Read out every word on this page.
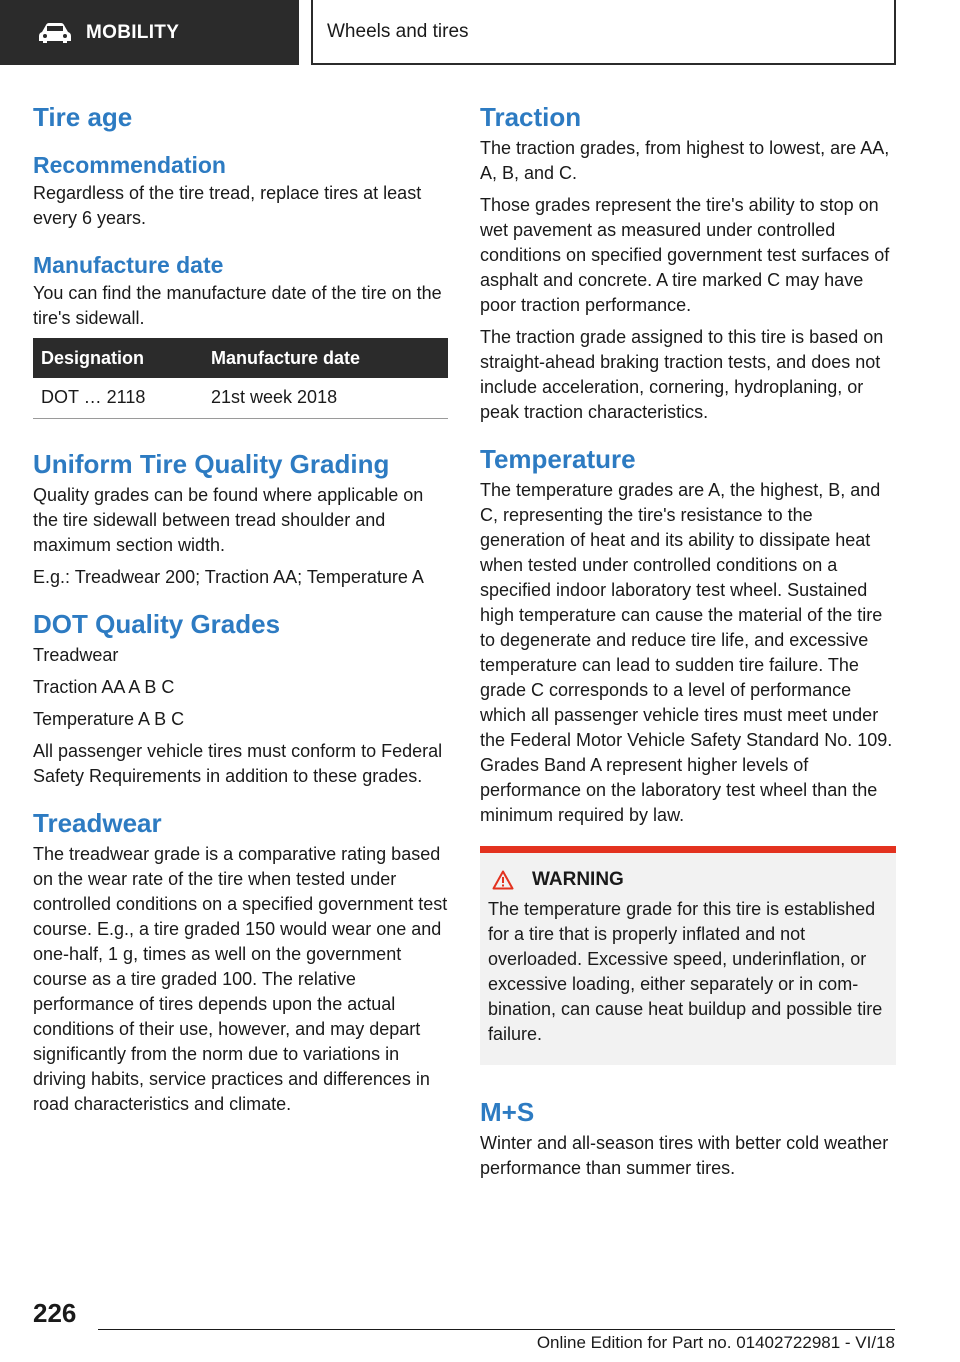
MOBILITY	Wheels and tires
Tire age
Recommendation

Regardless of the tire tread, replace tires at least every 6 years.

Manufacture date

You can find the manufacture date of the tire on the tire's sidewall.

Designation	Manufacture date
DOT … 2118	21st week 2018
Uniform Tire Quality Grading

Quality grades can be found where applicable on the tire sidewall between tread shoulder and maximum section width.

E.g.: Treadwear 200; Traction AA; Temperature A

DOT Quality Grades

Treadwear

Traction AA A B C

Temperature A B C

All passenger vehicle tires must conform to Federal Safety Requirements in addition to these grades.

Treadwear

The treadwear grade is a comparative rating based on the wear rate of the tire when tested under controlled conditions on a specified government test course. E.g., a tire graded 150 would wear one and one-half, 1 g, times as well on the government course as a tire graded 100. The relative performance of tires depends upon the actual conditions of their use, however, and may depart significantly from the norm due to variations in driving habits, service practices and differences in road characteristics and climate.

Traction

The traction grades, from highest to lowest, are AA, A, B, and C.

Those grades represent the tire's ability to stop on wet pavement as measured under controlled conditions on specified government test surfaces of asphalt and concrete. A tire marked C may have poor traction performance.

The traction grade assigned to this tire is based on straight-ahead braking traction tests, and does not include acceleration, cornering, hydroplaning, or peak traction characteristics.

Temperature

The temperature grades are A, the highest, B, and C, representing the tire's resistance to the generation of heat and its ability to dissipate heat when tested under controlled conditions on a specified indoor laboratory test wheel. Sustained high temperature can cause the material of the tire to degenerate and reduce tire life, and excessive temperature can lead to sudden tire failure. The grade C corresponds to a level of performance which all passenger vehicle tires must meet under the Federal Motor Vehicle Safety Standard No. 109. Grades Band A represent higher levels of performance on the laboratory test wheel than the minimum required by law.

WARNING

The temperature grade for this tire is established for a tire that is properly inflated and not overloaded. Excessive speed, underinflation, or excessive loading, either separately or in combination, can cause heat buildup and possible tire failure.

M+S

Winter and all-season tires with better cold weather performance than summer tires.

226
Online Edition for Part no. 01402722981 - VI/18
